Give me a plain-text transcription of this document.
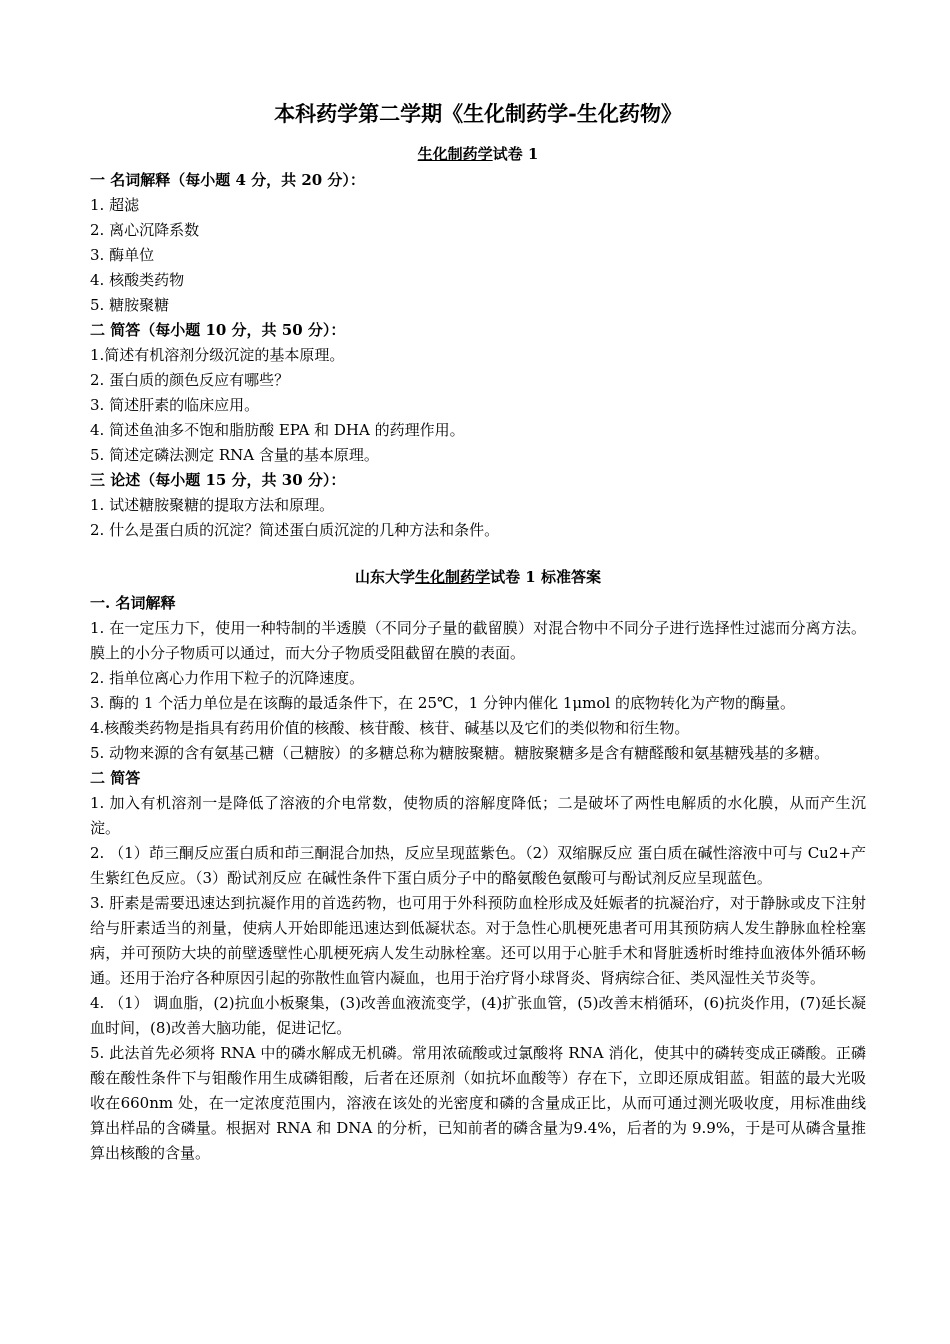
本科药学第二学期《生化制药学-生化药物》
生化制药学试卷 1
一 名词解释（每小题 4 分，共 20 分）：
1. 超滤
2. 离心沉降系数
3. 酶单位
4. 核酸类药物
5. 糖胺聚糖
二 简答（每小题 10 分，共 50 分）：
1.简述有机溶剂分级沉淀的基本原理。
2. 蛋白质的颜色反应有哪些？
3. 简述肝素的临床应用。
4. 简述鱼油多不饱和脂肪酸 EPA 和 DHA 的药理作用。
5. 简述定磷法测定 RNA 含量的基本原理。
三 论述（每小题 15 分，共 30 分）：
1. 试述糖胺聚糖的提取方法和原理。
2. 什么是蛋白质的沉淀？简述蛋白质沉淀的几种方法和条件。
山东大学生化制药学试卷 1 标准答案
一. 名词解释
1. 在一定压力下，使用一种特制的半透膜（不同分子量的截留膜）对混合物中不同分子进行选择性过滤而分离方法。膜上的小分子物质可以通过，而大分子物质受阻截留在膜的表面。
2. 指单位离心力作用下粒子的沉降速度。
3. 酶的 1 个活力单位是在该酶的最适条件下，在 25℃，1 分钟内催化 1μmol 的底物转化为产物的酶量。
4.核酸类药物是指具有药用价值的核酸、核苷酸、核苷、碱基以及它们的类似物和衍生物。
5. 动物来源的含有氨基己糖（己糖胺）的多糖总称为糖胺聚糖。糖胺聚糖多是含有糖醛酸和氨基糖残基的多糖。
二 简答
1. 加入有机溶剂一是降低了溶液的介电常数，使物质的溶解度降低；二是破坏了两性电解质的水化膜，从而产生沉淀。
2. （1）茚三酮反应蛋白质和茚三酮混合加热，反应呈现蓝紫色。（2）双缩脲反应 蛋白质在碱性溶液中可与 Cu2+产生紫红色反应。（3）酚试剂反应 在碱性条件下蛋白质分子中的酪氨酸色氨酸可与酚试剂反应呈现蓝色。
3. 肝素是需要迅速达到抗凝作用的首选药物，也可用于外科预防血栓形成及妊娠者的抗凝治疗，对于静脉或皮下注射给与肝素适当的剂量，使病人开始即能迅速达到低凝状态。对于急性心肌梗死患者可用其预防病人发生静脉血栓栓塞病，并可预防大块的前壁透壁性心肌梗死病人发生动脉栓塞。还可以用于心脏手术和肾脏透析时维持血液体外循环畅通。还用于治疗各种原因引起的弥散性血管内凝血，也用于治疗肾小球肾炎、肾病综合征、类风湿性关节炎等。
4. （1） 调血脂，(2)抗血小板聚集，(3)改善血液流变学，(4)扩张血管，(5)改善末梢循环，(6)抗炎作用，(7)延长凝血时间，(8)改善大脑功能，促进记忆。
5. 此法首先必须将 RNA 中的磷水解成无机磷。常用浓硫酸或过氯酸将 RNA 消化，使其中的磷转变成正磷酸。正磷酸在酸性条件下与钼酸作用生成磷钼酸，后者在还原剂（如抗坏血酸等）存在下，立即还原成钼蓝。钼蓝的最大光吸收在660nm 处，在一定浓度范围内，溶液在该处的光密度和磷的含量成正比，从而可通过测光吸收度，用标准曲线算出样品的含磷量。根据对 RNA 和 DNA 的分析，已知前者的磷含量为9.4%，后者的为 9.9%，于是可从磷含量推算出核酸的含量。
